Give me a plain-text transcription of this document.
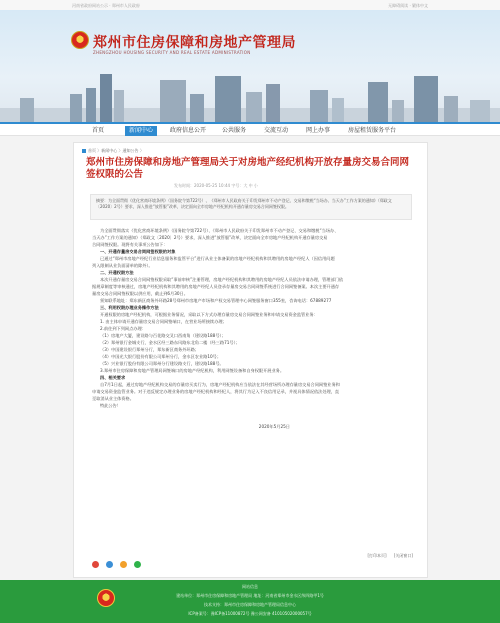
河南省政府网站公示 · 郑州市人民政府	无障碍阅读 · 繁体中文
郑州市住房保障和房地产管理局
ZHENGZHOU HOUSING SECURITY AND REAL ESTATE ADMINISTRATION
首页	新闻中心	政府信息公开	公共服务	交流互动	网上办事	房屋租赁服务平台
首页 〉新闻中心 〉通知公告 〉
郑州市住房保障和房地产管理局关于对房地产经纪机构开放存量房交易合同网签权限的公告
发布时间：2020-05-25 10:44 字号：大 中 小
摘要：为全面贯彻《优化营商环境条例》（国务院令第722号）、《郑州市人民政府关于印发郑州市不动产登记、交易和缴税“当场办、当天办”工作方案的通知》（郑政文〔2020〕2号）要求，深入推进“放管服”改革，决定面向全市房地产经纪机构开通存量房交易合同网签权限。

为全面贯彻落实《优化营商环境条例》（国务院令第722号）、《郑州市人民政府关于印发郑州市不动产登记、交易和缴税“当场办、

当天办”工作方案的通知》（郑政文〔2020〕2号）要求，深入推进“放管服”改革，决定面向全市房地产经纪机构开通存量房交易

合同网签权限。现将有关事项公告如下：

一、开通存量房交易合同网签权限的对象

已通过“郑州市房地产经纪行业信息服务和监管平台”进行从业主体备案的房地产经纪机构和其聘用的房地产经纪人（因信用问题

列入限制从业负面清单的除外）。

二、开通权限方法

本次开通存量房交易合同网签权限采取“事前审核”注册管理，房地产经纪机构和其聘用的房地产经纪人员依法申请办理，管理部门依

据规章制度等审核通过，房地产经纪机构和其聘用的房地产经纪人员登录存量房交易合同网签系统进行合同网签备案。本次主要开通存

量房交易合同网签权限以供应用，截止到6月30日。

须知联系地址：郑东新区商务外环路28号郑州市房地产市场和产权交易管理中心网签服务窗口355室，咨询电话：67889277

三、利用权限办理业务操作方法

开通权限的房地产经纪机构，可根据业务情况，采取以下方式办理存量房交易合同网签业务和申请交易资金监管业务：

1. 由主体申请开通存量房交易合同网签端口，在营业场所接续办理；

2.前往到下列网点办理：

（1）房地产大厦，建设路与百花路交叉口西南角（建设路188号）；

（2）郑州银行金城支行，金水区经三路东风路东北角二楼（经三路71号）；

（3）中国建设银行郑州分行，郑东新区商务外环路；

（4）中国光大银行股份有限公司郑州分行，金水区农业路10号；

（5）兴业银行股份有限公司郑州分行建设路支行，建设路188号。

3.郑州市住房保障和房地产管理局网签端口的房地产经纪机构，利用网签设备和自身权限开展业务。

四、相关要求

自7月1日起，通过房地产经纪机构交易的存量房买卖行为，房地产经纪机构应当依法在其经营场所办理存量房交易合同网签业务和

申请交易资金监管业务。对于违反规定办理业务的房地产经纪机构和经纪人，将其行为记入不良信用记录，并视具体情况依法处理，直

至取消从业主体资格。

特此公告！

2020年5月25日

[打印本页] [关闭窗口]
网站信息
建站单位：郑州市住房保障和房地产管理局 地址：河南省郑州市金水区纬四路甲1号
技术支持：郑州市住房保障和房地产管理局信息中心
ICP备案号：豫ICP备11000872号 豫公网安备 41010502000057号
